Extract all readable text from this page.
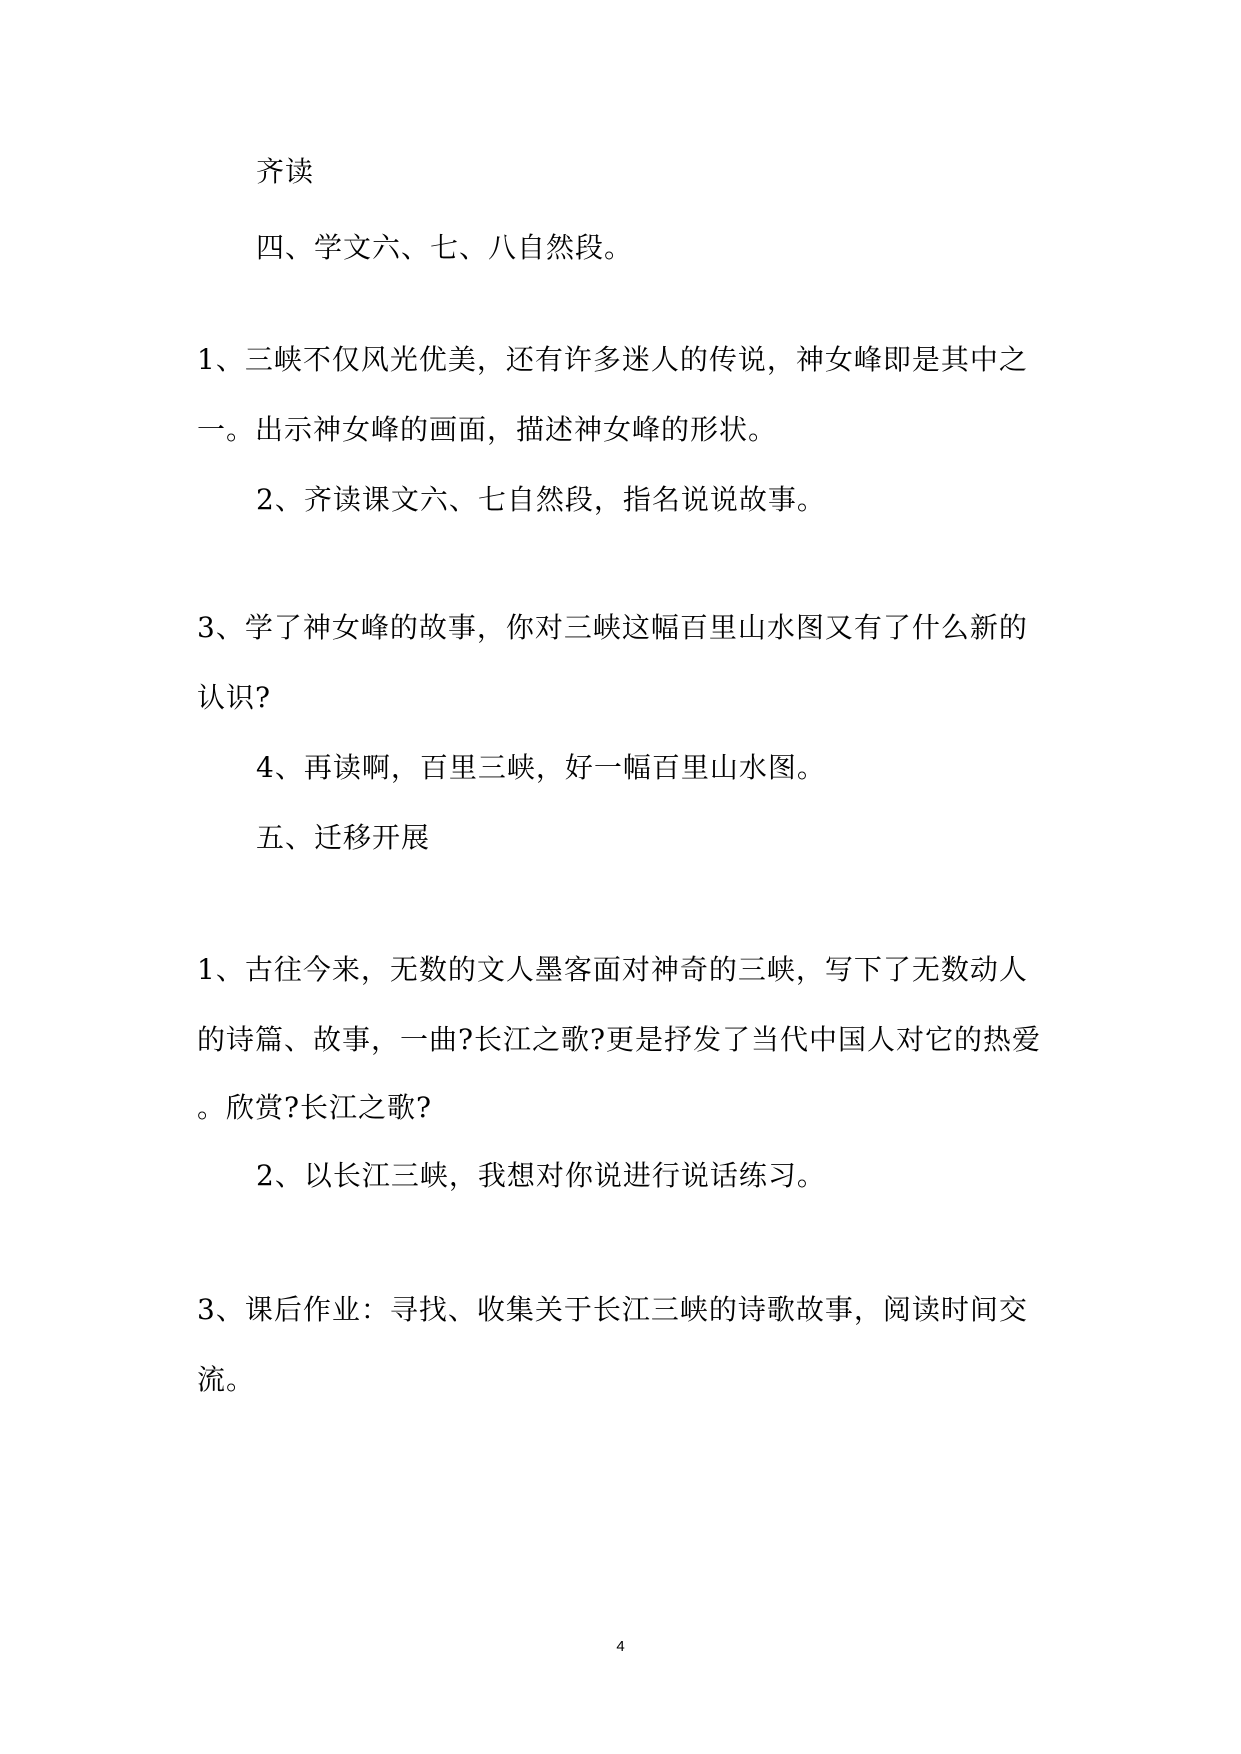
齐读
四、学文六、七、八自然段。
1、三峡不仅风光优美，还有许多迷人的传说，神女峰即是其中之
一。出示神女峰的画面，描述神女峰的形状。
2、齐读课文六、七自然段，指名说说故事。
3、学了神女峰的故事，你对三峡这幅百里山水图又有了什么新的
认识?
4、再读啊，百里三峡，好一幅百里山水图。
五、迁移开展
1、古往今来，无数的文人墨客面对神奇的三峡，写下了无数动人
的诗篇、故事，一曲?长江之歌?更是抒发了当代中国人对它的热爱
。欣赏?长江之歌?
2、以长江三峡，我想对你说进行说话练习。
3、课后作业：寻找、收集关于长江三峡的诗歌故事，阅读时间交
流。
4
